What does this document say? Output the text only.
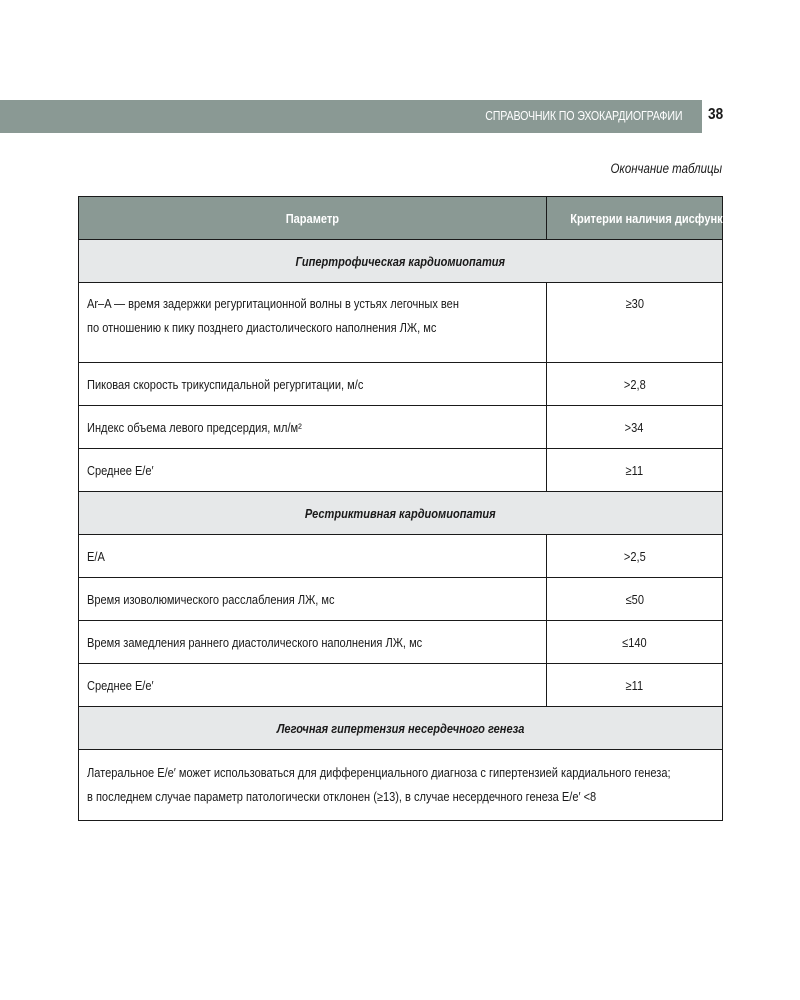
СПРАВОЧНИК ПО ЭХОКАРДИОГРАФИИ 38
Окончание таблицы
Параметр	Критерии наличия дисфункции
Гипертрофическая кардиомиопатия	

Ar–A — время задержки регургитационной волны в устьях легочных вен
по отношению к пику позднего диастолического наполнения ЛЖ, мс	≥30
Пиковая скорость трикуспидальной регургитации, м/с	>2,8
Индекс объема левого предсердия, мл/м²	>34
Среднее E/e′	≥11
Рестриктивная кардиомиопатия	
E/A	>2,5
Время изоволюмического расслабления ЛЖ, мс	≤50
Время замедления раннего диастолического наполнения ЛЖ, мс	≤140
Среднее E/e′	≥11
Легочная гипертензия несердечного генеза	

Латеральное E/e′ может использоваться для дифференциального диагноза с гипертензией кардиального генеза;
в последнем случае параметр патологически отклонен (≥13), в случае несердечного генеза E/e′ <8	
